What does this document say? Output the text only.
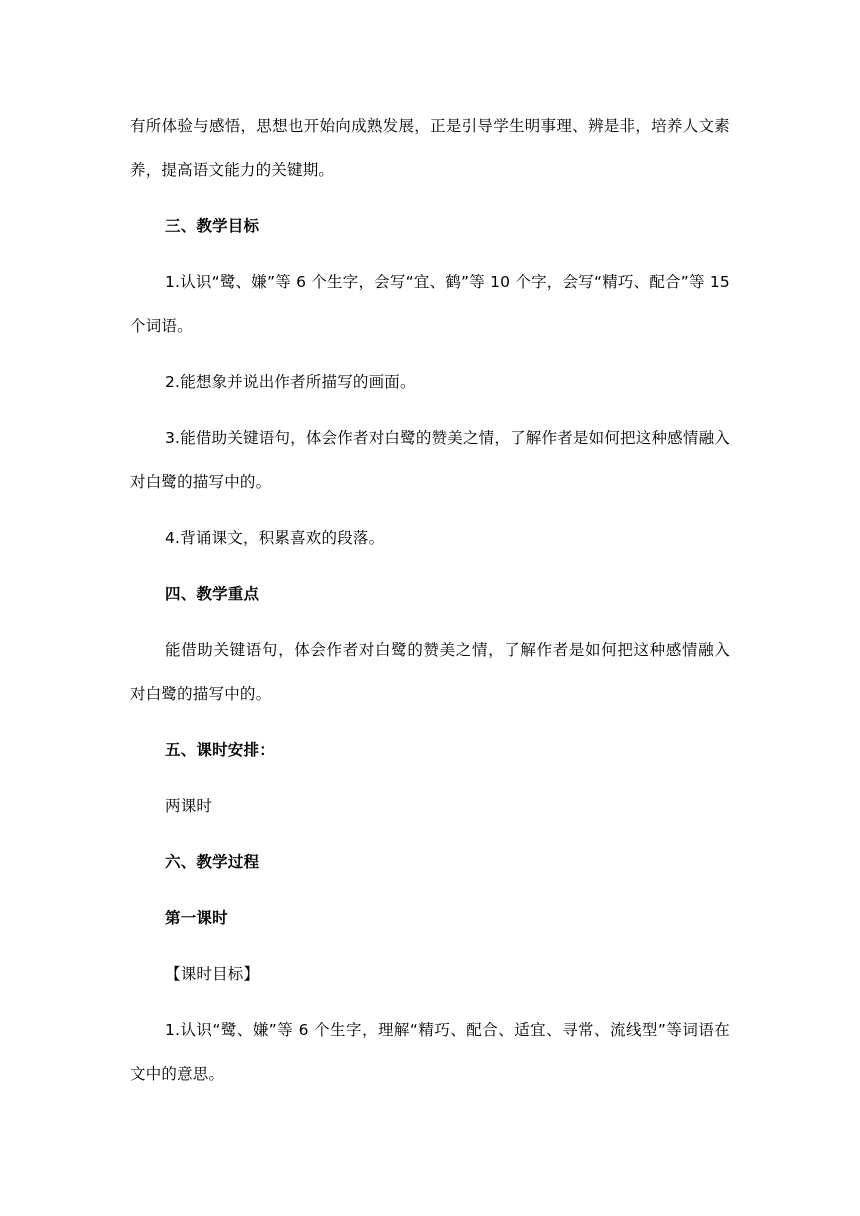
有所体验与感悟，思想也开始向成熟发展，正是引导学生明事理、辨是非，培养人文素养，提高语文能力的关键期。

三、教学目标

1.认识“鹭、嫌”等 6 个生字，会写“宜、鹤”等 10 个字，会写“精巧、配合”等 15 个词语。

2.能想象并说出作者所描写的画面。

3.能借助关键语句，体会作者对白鹭的赞美之情，了解作者是如何把这种感情融入对白鹭的描写中的。

4.背诵课文，积累喜欢的段落。

四、教学重点

能借助关键语句，体会作者对白鹭的赞美之情，了解作者是如何把这种感情融入对白鹭的描写中的。

五、课时安排：

两课时

六、教学过程

第一课时

【课时目标】

1.认识“鹭、嫌”等 6 个生字，理解“精巧、配合、适宜、寻常、流线型”等词语在文中的意思。
